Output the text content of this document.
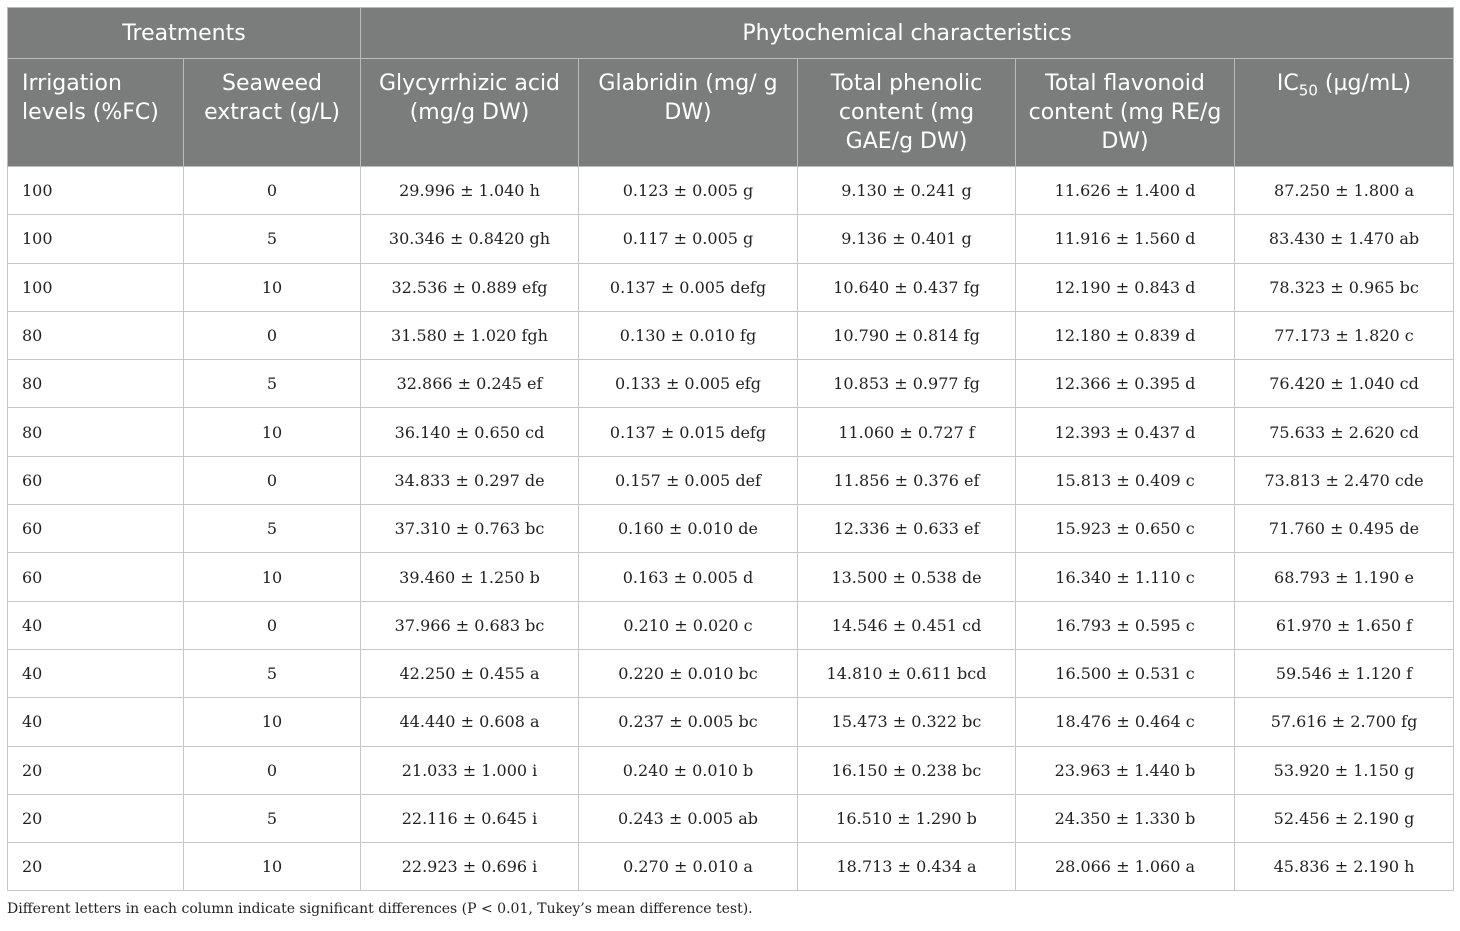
Treatments		Phytochemical characteristics				
Irrigation levels (%FC)	Seaweed extract (g/L)	Glycyrrhizic acid (mg/g DW)	Glabridin (mg/ g DW)	Total phenolic content (mg GAE/g DW)	Total flavonoid content (mg RE/g DW)	$IC_{50}$ (µg/mL)
100	0	29.996 ± 1.040 h	0.123 ± 0.005 g	9.130 ± 0.241 g	11.626 ± 1.400 d	87.250 ± 1.800 a
100	5	30.346 ± 0.8420 gh	0.117 ± 0.005 g	9.136 ± 0.401 g	11.916 ± 1.560 d	83.430 ± 1.470 ab
100	10	32.536 ± 0.889 efg	0.137 ± 0.005 defg	10.640 ± 0.437 fg	12.190 ± 0.843 d	78.323 ± 0.965 bc
80	0	31.580 ± 1.020 fgh	0.130 ± 0.010 fg	10.790 ± 0.814 fg	12.180 ± 0.839 d	77.173 ± 1.820 c
80	5	32.866 ± 0.245 ef	0.133 ± 0.005 efg	10.853 ± 0.977 fg	12.366 ± 0.395 d	76.420 ± 1.040 cd
80	10	36.140 ± 0.650 cd	0.137 ± 0.015 defg	11.060 ± 0.727 f	12.393 ± 0.437 d	75.633 ± 2.620 cd
60	0	34.833 ± 0.297 de	0.157 ± 0.005 def	11.856 ± 0.376 ef	15.813 ± 0.409 c	73.813 ± 2.470 cde
60	5	37.310 ± 0.763 bc	0.160 ± 0.010 de	12.336 ± 0.633 ef	15.923 ± 0.650 c	71.760 ± 0.495 de
60	10	39.460 ± 1.250 b	0.163 ± 0.005 d	13.500 ± 0.538 de	16.340 ± 1.110 c	68.793 ± 1.190 e
40	0	37.966 ± 0.683 bc	0.210 ± 0.020 c	14.546 ± 0.451 cd	16.793 ± 0.595 c	61.970 ± 1.650 f
40	5	42.250 ± 0.455 a	0.220 ± 0.010 bc	14.810 ± 0.611 bcd	16.500 ± 0.531 c	59.546 ± 1.120 f
40	10	44.440 ± 0.608 a	0.237 ± 0.005 bc	15.473 ± 0.322 bc	18.476 ± 0.464 c	57.616 ± 2.700 fg
20	0	21.033 ± 1.000 i	0.240 ± 0.010 b	16.150 ± 0.238 bc	23.963 ± 1.440 b	53.920 ± 1.150 g
20	5	22.116 ± 0.645 i	0.243 ± 0.005 ab	16.510 ± 1.290 b	24.350 ± 1.330 b	52.456 ± 2.190 g
20	10	22.923 ± 0.696 i	0.270 ± 0.010 a	18.713 ± 0.434 a	28.066 ± 1.060 a	45.836 ± 2.190 h
Different letters in each column indicate significant differences (P < 0.01, Tukey’s mean difference test).
